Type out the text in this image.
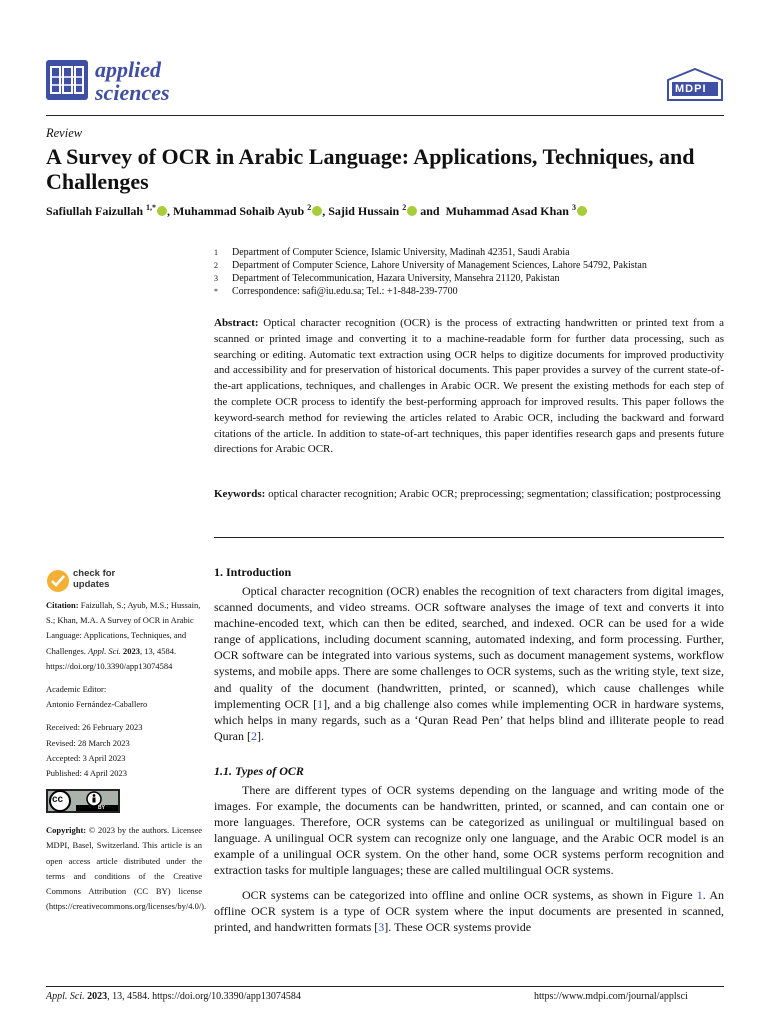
applied
sciences	MDPI
Review
A Survey of OCR in Arabic Language: Applications, Techniques, and Challenges
Safiullah Faizullah $^{1,*}$ , Muhammad Sohaib Ayub $^2$ , Sajid Hussain $^2$ and  Muhammad Asad Khan $^3$
1	Department of Computer Science, Islamic University, Madinah 42351, Saudi Arabia
2	Department of Computer Science, Lahore University of Management Sciences, Lahore 54792, Pakistan
3	Department of Telecommunication, Hazara University, Mansehra 21120, Pakistan
*	Correspondence: safi@iu.edu.sa; Tel.: +1-848-239-7700

Abstract: Optical character recognition (OCR) is the process of extracting handwritten or printed text from a scanned or printed image and converting it to a machine-readable form for further data processing, such as searching or editing. Automatic text extraction using OCR helps to digitize documents for improved productivity and accessibility and for preservation of historical documents. This paper provides a survey of the current state-of-the-art applications, techniques, and challenges in Arabic OCR. We present the existing methods for each step of the complete OCR process to identify the best-performing approach for improved results. This paper follows the keyword-search method for reviewing the articles related to Arabic OCR, including the backward and forward citations of the article. In addition to state-of-art techniques, this paper identifies research gaps and presents future directions for Arabic OCR.

Keywords: optical character recognition; Arabic OCR; preprocessing; segmentation; classification; postprocessing

check for
updates
Citation: Faizullah, S.; Ayub, M.S.; Hussain, S.; Khan, M.A. A Survey of OCR in Arabic Language: Applications, Techniques, and Challenges. Appl. Sci. 2023, 13, 4584. https://doi.org/10.3390/app13074584
Academic Editor:
Antonio Fernández-Caballero
Received: 26 February 2023
Revised: 28 March 2023
Accepted: 3 April 2023
Published: 4 April 2023
cc
BY
Copyright: © 2023 by the authors. Licensee MDPI, Basel, Switzerland. This article is an open access article distributed under the terms and conditions of the Creative Commons Attribution (CC BY) license (https://creativecommons.org/licenses/by/4.0/).
1. Introduction

Optical character recognition (OCR) enables the recognition of text characters from digital images, scanned documents, and video streams. OCR software analyses the image of text and converts it into machine-encoded text, which can then be edited, searched, and indexed. OCR can be used for a wide range of applications, including document scanning, automated indexing, and form processing. Further, OCR software can be integrated into various systems, such as document management systems, workflow systems, and mobile apps. There are some challenges to OCR systems, such as the writing style, text size, and quality of the document (handwritten, printed, or scanned), which cause challenges while implementing OCR [1], and a big challenge also comes while implementing OCR in hardware systems, which helps in many regards, such as a ‘Quran Read Pen’ that helps blind and illiterate people to read Quran [2].

1.1. Types of OCR

There are different types of OCR systems depending on the language and writing mode of the images. For example, the documents can be handwritten, printed, or scanned, and can contain one or more languages. Therefore, OCR systems can be categorized as unilingual or multilingual based on language. A unilingual OCR system can recognize only one language, and the Arabic OCR model is an example of a unilingual OCR system. On the other hand, some OCR systems perform recognition and extraction tasks for multiple languages; these are called multilingual OCR systems.

OCR systems can be categorized into offline and online OCR systems, as shown in Figure 1. An offline OCR system is a type of OCR system where the input documents are presented in scanned, printed, and handwritten formats [3]. These OCR systems provide

Appl. Sci. 2023, 13, 4584. https://doi.org/10.3390/app13074584	https://www.mdpi.com/journal/applsci
